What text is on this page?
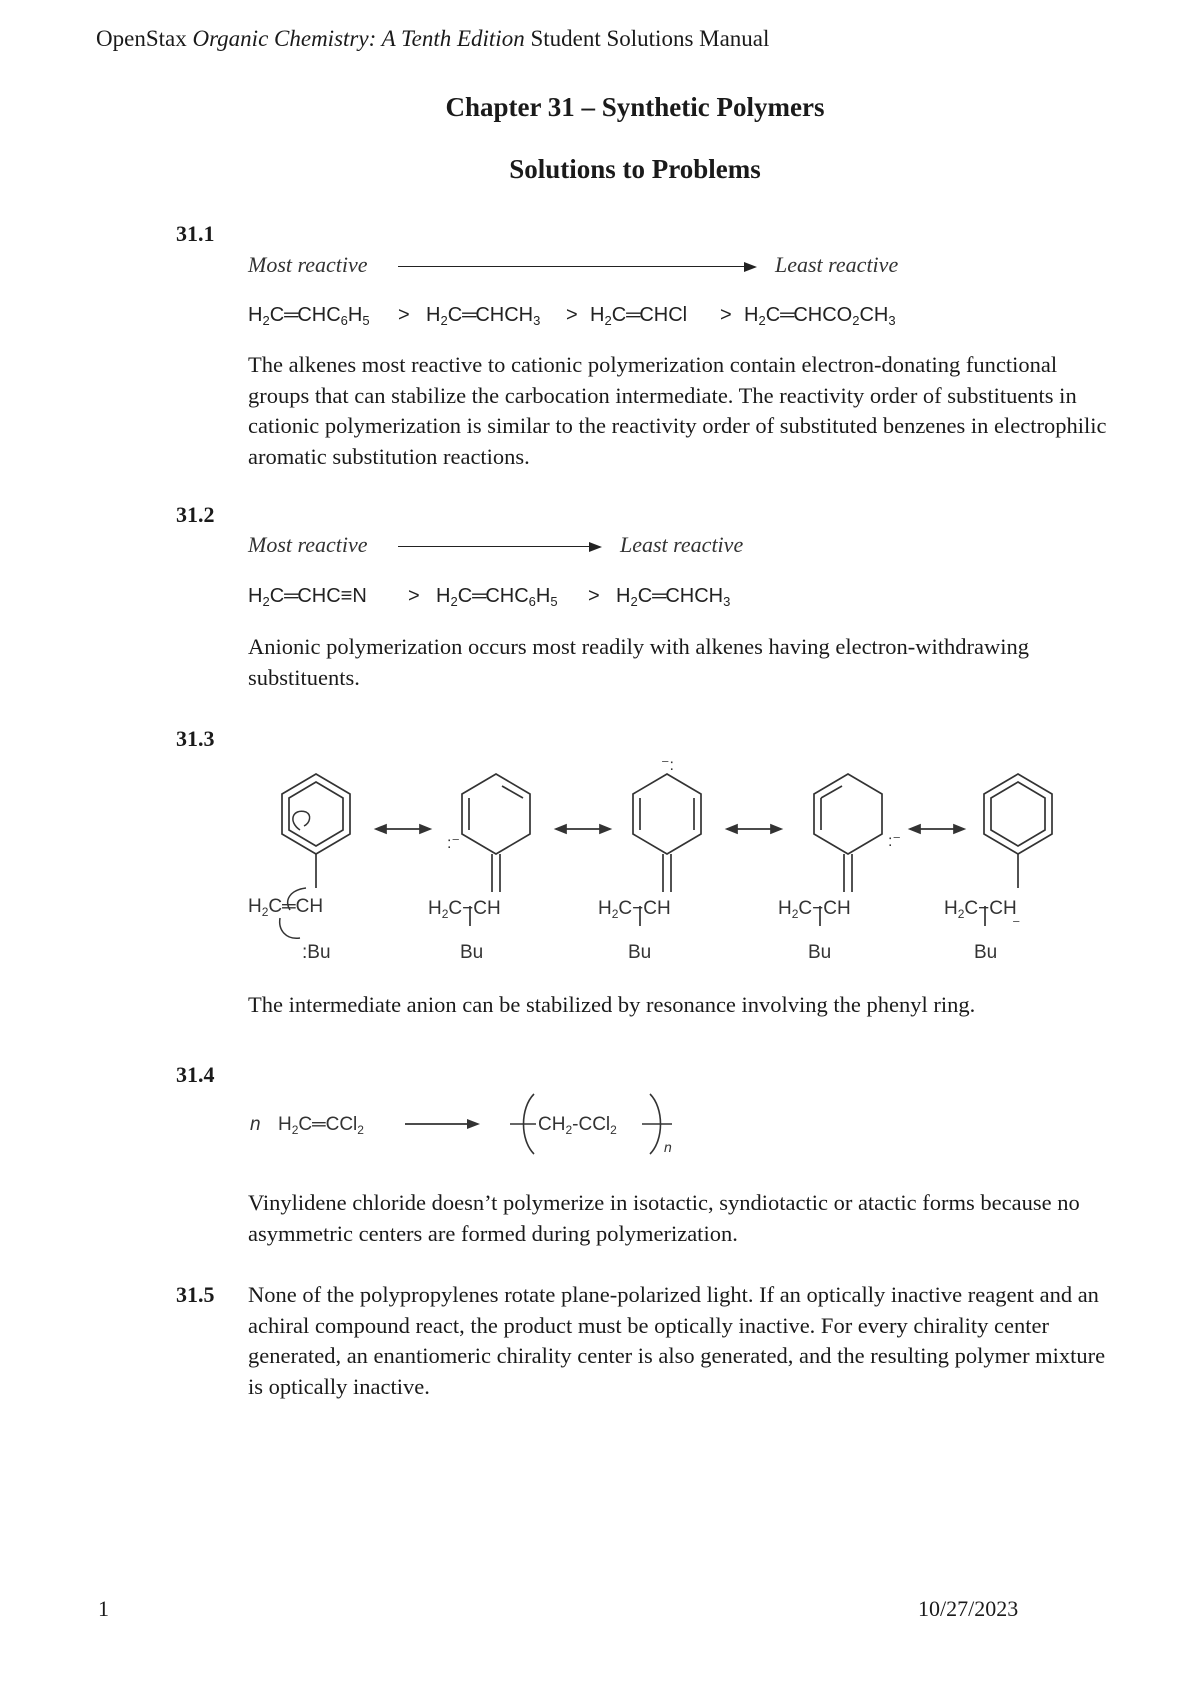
OpenStax Organic Chemistry: A Tenth Edition Student Solutions Manual
Chapter 31 – Synthetic Polymers
Solutions to Problems
31.1
Most reactive	Least reactive
$H_2C═CHC_6H_5$ > $H_2C═CHCH_3$ > $H_2C═CHCl$ > $H_2C═CHCO_2CH_3$
The alkenes most reactive to cationic polymerization contain electron-donating functional groups that can stabilize the carbocation intermediate. The reactivity order of substituents in cationic polymerization is similar to the reactivity order of substituted benzenes in electrophilic aromatic substitution reactions.
31.2
Most reactive	Least reactive
$H_2C═CHC\equiv N$ > $H_2C═CHC_6H_5$ > $H_2C═CHCH_3$
Anionic polymerization occurs most readily with alkenes having electron-withdrawing substituents.
31.3
$H_2C═CH$
:Bu
:⁻
$H_2C-CH$
Bu
⁻:
$H_2C-CH$
Bu
:⁻
$H_2C-CH$
Bu
$H_2C-CH$
⁻
Bu
n $H_2C═CCl_2$	$CH_2-CCl_2$
n
The intermediate anion can be stabilized by resonance involving the phenyl ring.
31.4
Vinylidene chloride doesn’t polymerize in isotactic, syndiotactic or atactic forms because no asymmetric centers are formed during polymerization.
31.5 None of the polypropylenes rotate plane-polarized light. If an optically inactive reagent and an achiral compound react, the product must be optically inactive. For every chirality center generated, an enantiomeric chirality center is also generated, and the resulting polymer mixture is optically inactive.
1	10/27/2023
